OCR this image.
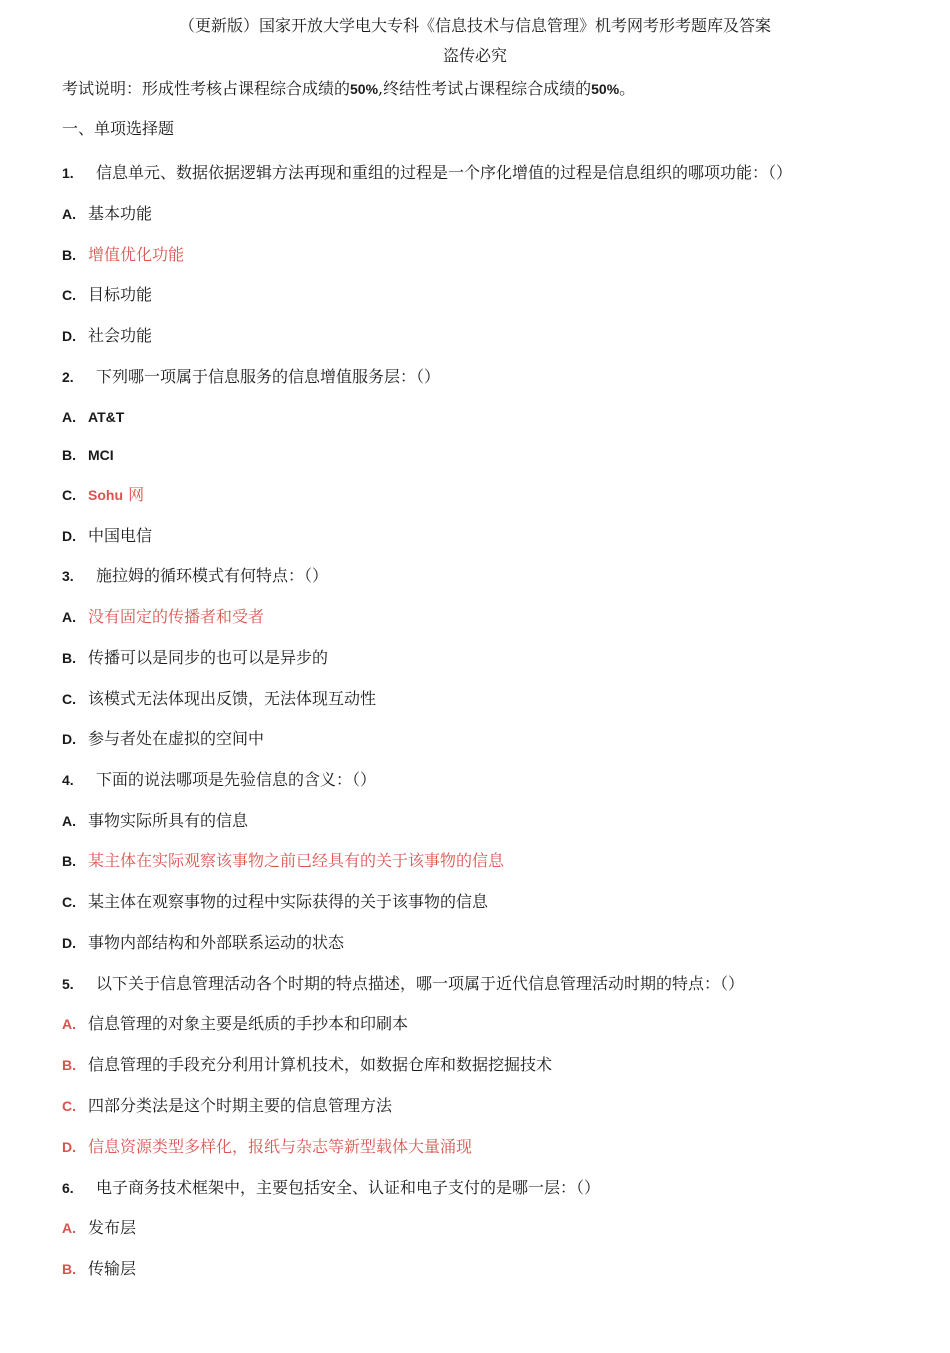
（更新版）国家开放大学电大专科《信息技术与信息管理》机考网考形考题库及答案
盗传必究
考试说明：形成性考核占课程综合成绩的50%,终结性考试占课程综合成绩的50%。
一、单项选择题
1. 信息单元、数据依据逻辑方法再现和重组的过程是一个序化增值的过程是信息组织的哪项功能：（）
A. 基本功能
B. 增值优化功能
C. 目标功能
D. 社会功能
2. 下列哪一项属于信息服务的信息增值服务层：（）
A. AT&T
B. MCI
C. Sohu 网
D. 中国电信
3. 施拉姆的循环模式有何特点：（）
A. 没有固定的传播者和受者
B. 传播可以是同步的也可以是异步的
C. 该模式无法体现出反馈，无法体现互动性
D. 参与者处在虚拟的空间中
4. 下面的说法哪项是先验信息的含义：（）
A. 事物实际所具有的信息
B. 某主体在实际观察该事物之前已经具有的关于该事物的信息
C. 某主体在观察事物的过程中实际获得的关于该事物的信息
D. 事物内部结构和外部联系运动的状态
5. 以下关于信息管理活动各个时期的特点描述，哪一项属于近代信息管理活动时期的特点：（）
A. 信息管理的对象主要是纸质的手抄本和印刷本
B. 信息管理的手段充分利用计算机技术，如数据仓库和数据挖掘技术
C. 四部分类法是这个时期主要的信息管理方法
D. 信息资源类型多样化，报纸与杂志等新型载体大量涌现
6. 电子商务技术框架中，主要包括安全、认证和电子支付的是哪一层：（）
A. 发布层
B. 传输层
